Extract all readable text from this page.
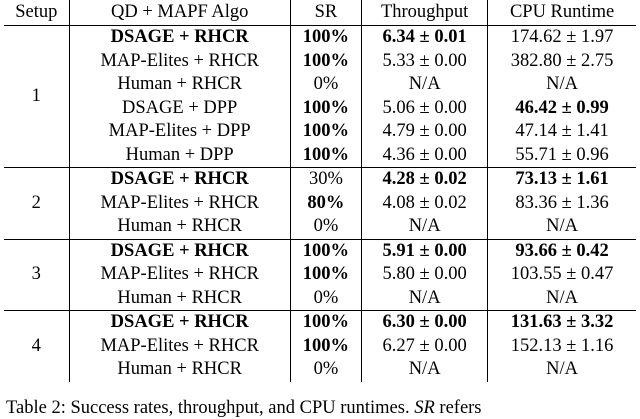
Setup	QD + MAPF Algo	SR	Throughput	CPU Runtime
1	DSAGE + RHCR	100%	6.34 ± 0.01	174.62 ± 1.97
	MAP-Elites + RHCR	100%	5.33 ± 0.00	382.80 ± 2.75
	Human + RHCR	0%	N/A	N/A
	DSAGE + DPP	100%	5.06 ± 0.00	46.42 ± 0.99
	MAP-Elites + DPP	100%	4.79 ± 0.00	47.14 ± 1.41
	Human + DPP	100%	4.36 ± 0.00	55.71 ± 0.96
2	DSAGE + RHCR	30%	4.28 ± 0.02	73.13 ± 1.61
	MAP-Elites + RHCR	80%	4.08 ± 0.02	83.36 ± 1.36
	Human + RHCR	0%	N/A	N/A
3	DSAGE + RHCR	100%	5.91 ± 0.00	93.66 ± 0.42
	MAP-Elites + RHCR	100%	5.80 ± 0.00	103.55 ± 0.47
	Human + RHCR	0%	N/A	N/A
4	DSAGE + RHCR	100%	6.30 ± 0.00	131.63 ± 3.32
	MAP-Elites + RHCR	100%	6.27 ± 0.00	152.13 ± 1.16
	Human + RHCR	0%	N/A	N/A
Table 2: Success rates, throughput, and CPU runtimes. SR refers
